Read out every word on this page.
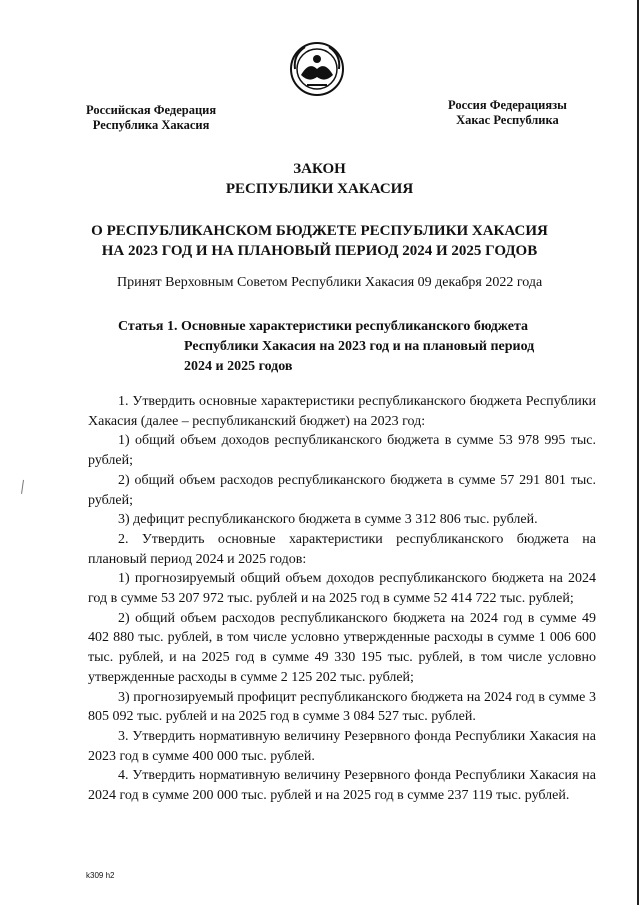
Российская Федерация
Республика Хакасия
Россия Федерациязы
Хакас Республика
ЗАКОН
РЕСПУБЛИКИ ХАКАСИЯ
О РЕСПУБЛИКАНСКОМ БЮДЖЕТЕ РЕСПУБЛИКИ ХАКАСИЯ
НА 2023 ГОД И НА ПЛАНОВЫЙ ПЕРИОД 2024 И 2025 ГОДОВ
Принят Верховным Советом Республики Хакасия 09 декабря 2022 года
Статья 1. Основные характеристики республиканского бюджета
Республики Хакасия на 2023 год и на плановый период
2024 и 2025 годов

1. Утвердить основные характеристики республиканского бюджета Республики Хакасия (далее – республиканский бюджет) на 2023 год:

1) общий объем доходов республиканского бюджета в сумме 53 978 995 тыс. рублей;

2) общий объем расходов республиканского бюджета в сумме 57 291 801 тыс. рублей;

3) дефицит республиканского бюджета в сумме 3 312 806 тыс. рублей.

2. Утвердить основные характеристики республиканского бюджета на плановый период 2024 и 2025 годов:

1) прогнозируемый общий объем доходов республиканского бюджета на 2024 год в сумме 53 207 972 тыс. рублей и на 2025 год в сумме 52 414 722 тыс. рублей;

2) общий объем расходов республиканского бюджета на 2024 год в сумме 49 402 880 тыс. рублей, в том числе условно утвержденные расходы в сумме 1 006 600 тыс. рублей, и на 2025 год в сумме 49 330 195 тыс. рублей, в том числе условно утвержденные расходы в сумме 2 125 202 тыс. рублей;

3) прогнозируемый профицит республиканского бюджета на 2024 год в сумме 3 805 092 тыс. рублей и на 2025 год в сумме 3 084 527 тыс. рублей.

3. Утвердить нормативную величину Резервного фонда Республики Хакасия на 2023 год в сумме 400 000 тыс. рублей.

4. Утвердить нормативную величину Резервного фонда Республики Хакасия на 2024 год в сумме 200 000 тыс. рублей и на 2025 год в сумме 237 119 тыс. рублей.

k309 h2
